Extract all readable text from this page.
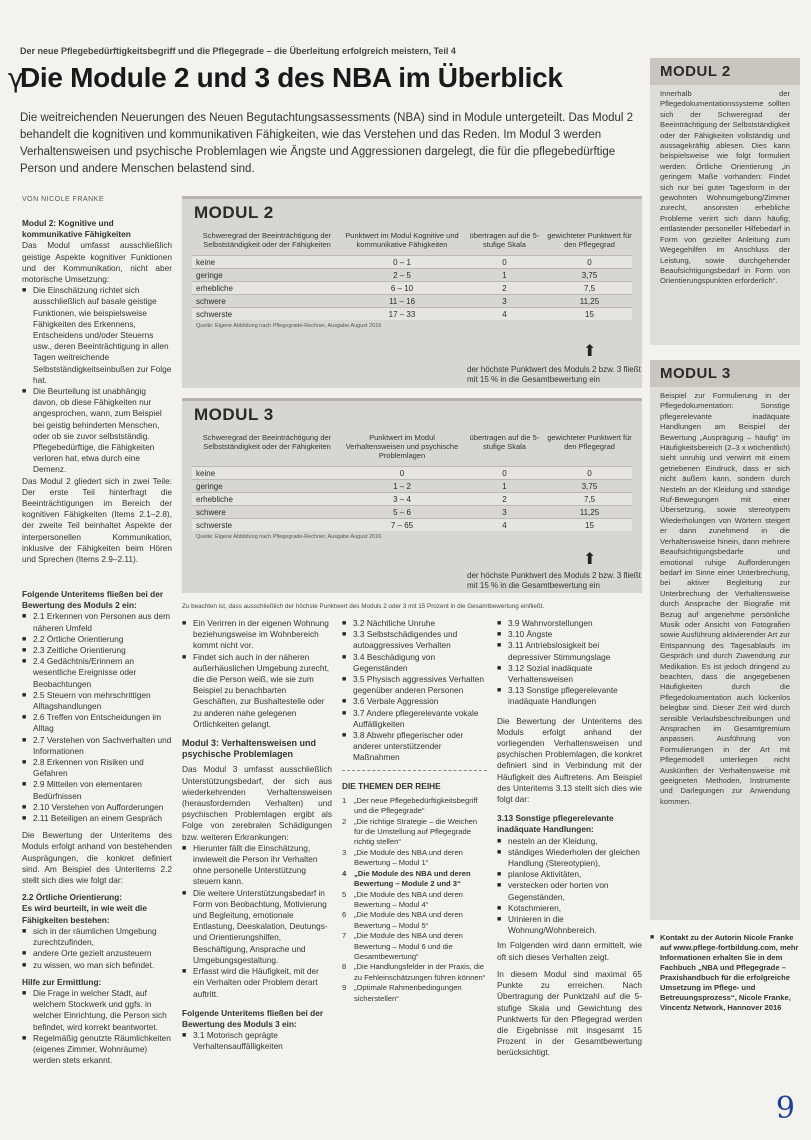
γ
Der neue Pflegebedürftigkeitsbegriff und die Pflegegrade – die Überleitung erfolgreich meistern, Teil 4
Die Module 2 und 3 des NBA im Überblick

Die weitreichenden Neuerungen des Neuen Begutachtungsassessments (NBA) sind in Module untergeteilt. Das Modul 2 behandelt die kognitiven und kommunikativen Fähigkeiten, wie das Verstehen und das Reden. Im Modul 3 werden Verhaltensweisen und psychische Problemlagen wie Ängste und Aggressionen dargelegt, die für die pflegebedürftige Person und andere Menschen belastend sind.

VON NICOLE FRANKE
Modul 2: Kognitive und kommunikative Fähigkeiten

Das Modul umfasst ausschließlich geistige Aspekte kognitiver Funktionen und der Kommunikation, nicht aber motorische Umsetzung:

■ Die Einschätzung richtet sich ausschließlich auf basale geistige Funktionen, wie beispielsweise Fähigkeiten des Erkennens, Entscheidens und/oder Steuerns usw., deren Beeinträchtigung in allen Tagen weitreichende Selbstständigkeitseinbußen zur Folge hat.
■ Die Beurteilung ist unabhängig davon, ob diese Fähigkeiten nur angesprochen, wann, zum Beispiel bei geistig behinderten Menschen, oder ob sie zuvor selbstständig. Pflegebedürftige, die Fähigkeiten verloren hat, etwa durch eine Demenz.

Das Modul 2 gliedert sich in zwei Teile: Der erste Teil hinterfragt die Beeinträchtigungen im Bereich der kognitiven Fähigkeiten (Items 2.1–2.8), der zweite Teil beinhaltet Aspekte der interpersonellen Kommunikation, inklusive der Fähigkeiten beim Hören und Sprechen (Items 2.9–2.11).

Folgende Unteritems fließen bei der Bewertung des Moduls 2 ein:
■ 2.1 Erkennen von Personen aus dem näheren Umfeld
■ 2.2 Örtliche Orientierung
■ 2.3 Zeitliche Orientierung
■ 2.4 Gedächtnis/Erinnern an wesentliche Ereignisse oder Beobachtungen
■ 2.5 Steuern von mehrschrittigen Alltagshandlungen
■ 2.6 Treffen von Entscheidungen im Alltag
■ 2.7 Verstehen von Sachverhalten und Informationen
■ 2.8 Erkennen von Risiken und Gefahren
■ 2.9 Mitteilen von elementaren Bedürfnissen
■ 2.10 Verstehen von Aufforderungen
■ 2.11 Beteiligen an einem Gespräch

Die Bewertung der Unteritems des Moduls erfolgt anhand von bestehenden Ausprägungen, die konkret definiert sind. Am Beispiel des Unteritems 2.2 stellt sich dies wie folgt dar:

2.2 Örtliche Orientierung:
Es wird beurteilt, in wie weit die Fähigkeiten bestehen:
■ sich in der räumlichen Umgebung zurechtzufinden,
■ andere Orte gezielt anzusteuern
■ zu wissen, wo man sich befindet.
Hilfe zur Ermittlung:
■ Die Frage in welcher Stadt, auf welchem Stockwerk und ggfs. in welcher Einrichtung, die Person sich befindet, wird korrekt beantwortet.
■ Regelmäßig genutzte Räumlichkeiten (eigenes Zimmer, Wohnräume) werden stets erkannt.
MODUL 2
Schweregrad der Beeinträchtigung der Selbstständigkeit oder der Fähigkeiten
Punktwert im Modul Kognitive und kommunikative Fähigkeiten
übertragen auf die 5-stufige Skala
gewichteter Punktwert für den Pflegegrad
keine	0 – 1	0	0
geringe	2 – 5	1	3,75
erhebliche	6 – 10	2	7,5
schwere	11 – 16	3	11,25
schwerste	17 – 33	4	15
Quelle: Eigene Abbildung nach Pflegegrade-Rechner, Ausgabe August 2016
⬆
der höchste Punktwert des Moduls 2 bzw. 3 fließt mit 15 % in die Gesamtbewertung ein
MODUL 3
Schweregrad der Beeinträchtigung der Selbstständigkeit oder der Fähigkeiten
Punktwert im Modul Verhaltensweisen und psychische Problemlagen
übertragen auf die 5-stufige Skala
gewichteter Punktwert für den Pflegegrad
keine	0	0	0
geringe	1 – 2	1	3,75
erhebliche	3 – 4	2	7,5
schwere	5 – 6	3	11,25
schwerste	7 – 65	4	15
Quelle: Eigene Abbildung nach Pflegegrade-Rechner, Ausgabe August 2016
⬆
der höchste Punktwert des Moduls 2 bzw. 3 fließt mit 15 % in die Gesamtbewertung ein
Zu beachten ist, dass ausschließlich der höchste Punktwert des Moduls 2 oder 3 mit 15 Prozent in die Gesamtbewertung einfließt.
■ Ein Verirren in der eigenen Wohnung beziehungsweise im Wohnbereich kommt nicht vor.
■ Findet sich auch in der näheren außerhäuslichen Umgebung zurecht, die die Person weiß, wie sie zum Beispiel zu benachbarten Geschäften, zur Bushaltestelle oder zu anderen nahe gelegenen Örtlichkeiten gelangt.
Modul 3: Verhaltensweisen und psychische Problemlagen

Das Modul 3 umfasst ausschließlich Unterstützungsbedarf, der sich aus wiederkehrenden Verhaltensweisen (herausfordernden Verhalten) und psychischen Problemlagen ergibt als Folge von zerebralen Schädigungen bzw. weiteren Erkrankungen:

■ Hierunter fällt die Einschätzung, inwieweit die Person ihr Verhalten ohne personelle Unterstützung steuern kann.
■ Die weitere Unterstützungsbedarf in Form von Beobachtung, Motivierung und Begleitung, emotionale Entlastung, Deeskalation, Deutungs- und Orientierungshilfen, Beschäftigung, Ansprache und Umgebungsgestaltung.
■ Erfasst wird die Häufigkeit, mit der ein Verhalten oder Problem derart auftritt.
Folgende Unteritems fließen bei der Bewertung des Moduls 3 ein:
■ 3.1 Motorisch geprägte Verhaltensauffälligkeiten
■ 3.2 Nächtliche Unruhe
■ 3.3 Selbstschädigendes und autoaggressives Verhalten
■ 3.4 Beschädigung von Gegenständen
■ 3.5 Physisch aggressives Verhalten gegenüber anderen Personen
■ 3.6 Verbale Aggression
■ 3.7 Andere pflegerelevante vokale Auffälligkeiten
■ 3.8 Abwehr pflegerischer oder anderer unterstützender Maßnahmen
DIE THEMEN DER REIHE
1 „Der neue Pflegebedürftigkeitsbegriff und die Pflegegrade“
2 „Die richtige Strategie – die Weichen für die Umstellung auf Pflegegrade richtig stellen“
3 „Die Module des NBA und deren Bewertung – Modul 1“
4 „Die Module des NBA und deren Bewertung – Module 2 und 3“
5 „Die Module des NBA und deren Bewertung – Modul 4“
6 „Die Module des NBA und deren Bewertung – Modul 5“
7 „Die Module des NBA und deren Bewertung – Modul 6 und die Gesamtbewertung“
8 „Die Handlungsfelder in der Praxis, die zu Fehleinschätzungen führen können“
9 „Optimale Rahmenbedingungen sicherstellen“
■ 3.9 Wahnvorstellungen
■ 3.10 Ängste
■ 3.11 Antriebslosigkeit bei depressiver Stimmungslage
■ 3.12 Sozial inadäquate Verhaltensweisen
■ 3.13 Sonstige pflegerelevante inadäquate Handlungen

Die Bewertung der Unteritems des Moduls erfolgt anhand der vorliegenden Verhaltensweisen und psychischen Problemlagen, die konkret definiert sind in Verbindung mit der Häufigkeit des Auftretens. Am Beispiel des Unteritems 3.13 stellt sich dies wie folgt dar:

3.13 Sonstige pflegerelevante inadäquate Handlungen:
■ nesteln an der Kleidung,
■ ständiges Wiederholen der gleichen Handlung (Stereotypien),
■ planlose Aktivitäten,
■ verstecken oder horten von Gegenständen,
■ Kotschmieren,
■ Urinieren in die Wohnung/Wohnbereich.

Im Folgenden wird dann ermittelt, wie oft sich dieses Verhalten zeigt.

In diesem Modul sind maximal 65 Punkte zu erreichen. Nach Übertragung der Punktzahl auf die 5-stufige Skala und Gewichtung des Punktwerts für den Pflegegrad werden die Ergebnisse mit insgesamt 15 Prozent in der Gesamtbewertung berücksichtigt.

MODUL 2
Innerhalb der Pflegedokumentationssysteme sollten sich der Schweregrad der Beeinträchtigung der Selbstständigkeit oder der Fähigkeiten vollständig und aussagekräftig ablesen. Dies kann beispielsweise wie folgt formuliert werden: Örtliche Orientierung „in geringem Maße vorhanden: Findet sich nur bei guter Tagesform in der gewohnten Wohnumgebung/Zimmer zurecht, ansonsten erhebliche Probleme verirrt sich dann häufig; entlastender personeller Hilfebedarf in Form von gezielter Anleitung zum Wegegehilfen im Anschluss der Leistung, sowie durchgehender Beaufsichtigungsbedarf in Form von Orientierungspunkten erforderlich“.
MODUL 3
Beispiel zur Formulierung in der Pflegedokumentation: Sonstige pflegerelevante inadäquate Handlungen am Beispiel der Bewertung „Ausprägung – häufig“ im Häufigkeitsbereich (2–3 x wöchentlich) sieht unruhig und verwirrt mit einem getriebenen Eindruck, dass er sich nicht äußern kann, sondern durch Nesteln an der Kleidung und ständige Ruf-Bewegungen mit einer Übersetzung, sowie stereotypem Wiederholungen von Wörtern steigert er dann zunehmend in die Verhaltensweise hinein, dann mehrere Beaufsichtigungsbedarfe und emotional ruhige Aufforderungen bedarf im Sinne einer Unterbrechung, bei aktiver Begleitung zur Unterbrechung der Verhaltensweise durch Ansprache der Biografie mit Bezug auf angenehme persönliche Musik oder Ansicht von Fotografien sowie Ausführung aktivierender Art zur Entspannung des Tagesablaufs im Gespräch und durch Zuwendung zur Medikation. Es ist jedoch dringend zu beachten, dass die angegebenen Häufigkeiten durch die Pflegedokumentation auch lückenlos belegbar sind. Dieser Zeit wird durch sensible Verlaufsbeschreibungen und Ansprachen im Gesamtgremium anpassen. Ausführung von Formulierungen in der Art mit Pflegemodell unterliegen nicht Auskünften der Verhaltensweise mit geeigneten Methoden, Instrumente und Darlegungen zur Anwendung kommen.
■ Kontakt zu der Autorin Nicole Franke auf www.pflege-fortbildung.com, mehr Informationen erhalten Sie in dem Fachbuch „NBA und Pflegegrade – Praxishandbuch für die erfolgreiche Umsetzung im Pflege- und Betreuungsprozess“, Nicole Franke, Vincentz Network, Hannover 2016
9
